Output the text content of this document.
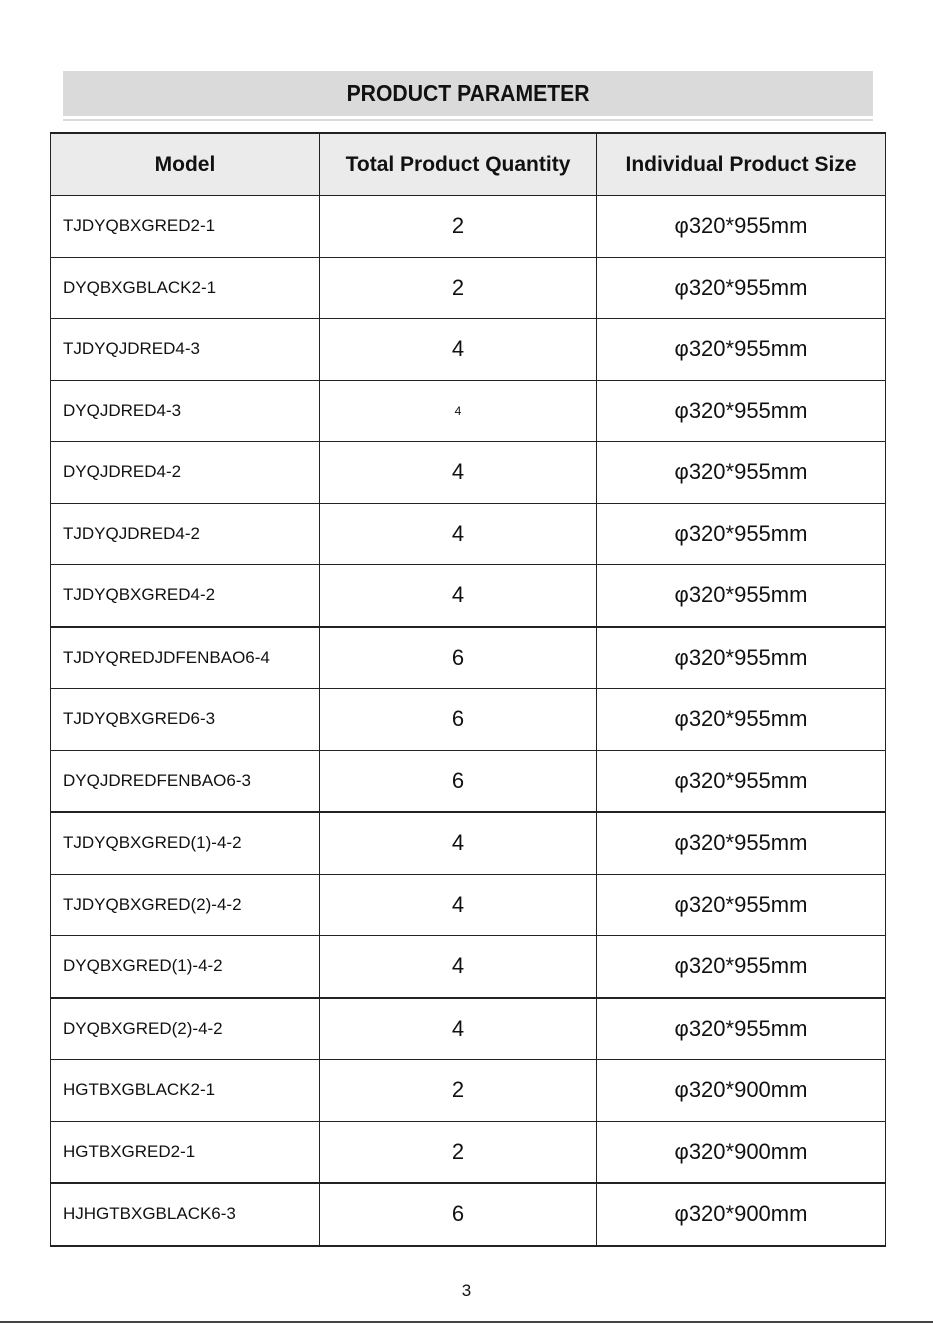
PRODUCT PARAMETER
Model	Total Product Quantity	Individual Product Size
TJDYQBXGRED2-1	2	φ320*955mm
DYQBXGBLACK2-1	2	φ320*955mm
TJDYQJDRED4-3	4	φ320*955mm
DYQJDRED4-3	4	φ320*955mm
DYQJDRED4-2	4	φ320*955mm
TJDYQJDRED4-2	4	φ320*955mm
TJDYQBXGRED4-2	4	φ320*955mm
TJDYQREDJDFENBAO6-4	6	φ320*955mm
TJDYQBXGRED6-3	6	φ320*955mm
DYQJDREDFENBAO6-3	6	φ320*955mm
TJDYQBXGRED(1)-4-2	4	φ320*955mm
TJDYQBXGRED(2)-4-2	4	φ320*955mm
DYQBXGRED(1)-4-2	4	φ320*955mm
DYQBXGRED(2)-4-2	4	φ320*955mm
HGTBXGBLACK2-1	2	φ320*900mm
HGTBXGRED2-1	2	φ320*900mm
HJHGTBXGBLACK6-3	6	φ320*900mm
3
